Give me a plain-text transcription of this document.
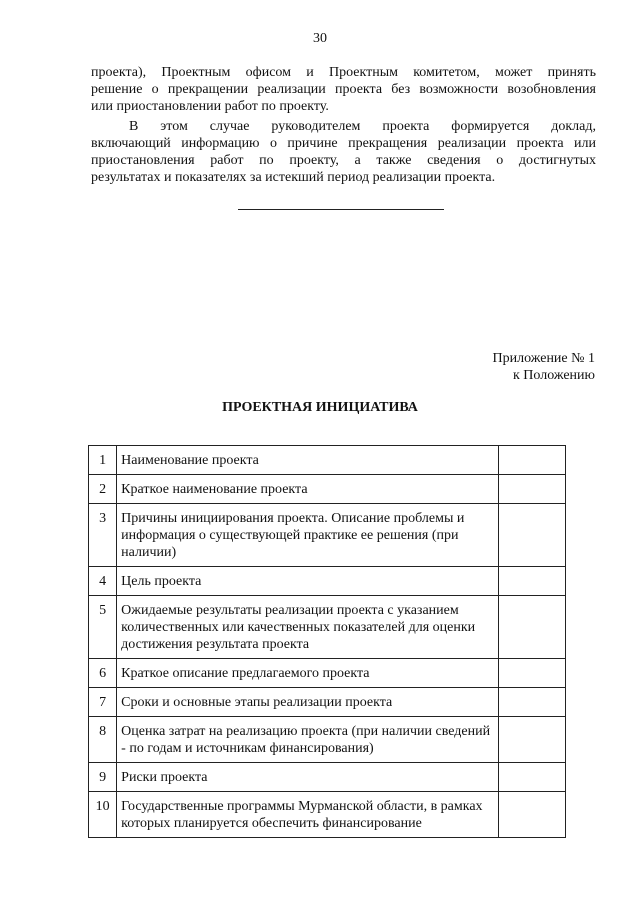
30

проекта), Проектным офисом и Проектным комитетом, может принять

решение о прекращении реализации проекта без возможности возобновления

или приостановлении работ по проекту.

В этом случае руководителем проекта формируется доклад,

включающий информацию о причине прекращения реализации проекта или

приостановления работ по проекту, а также сведения о достигнутых

результатах и показателях за истекший период реализации проекта.

Приложение № 1
к Положению
ПРОЕКТНАЯ ИНИЦИАТИВА
1	Наименование проекта	
2	Краткое наименование проекта	
3	Причины инициирования проекта. Описание проблемы и информация о существующей практике ее решения (при наличии)	
4	Цель проекта	
5	Ожидаемые результаты реализации проекта с указанием количественных или качественных показателей для оценки достижения результата проекта	
6	Краткое описание предлагаемого проекта	
7	Сроки и основные этапы реализации проекта	
8	Оценка затрат на реализацию проекта (при наличии сведений - по годам и источникам финансирования)	
9	Риски проекта	
10	Государственные программы Мурманской области, в рамках которых планируется обеспечить финансирование	
